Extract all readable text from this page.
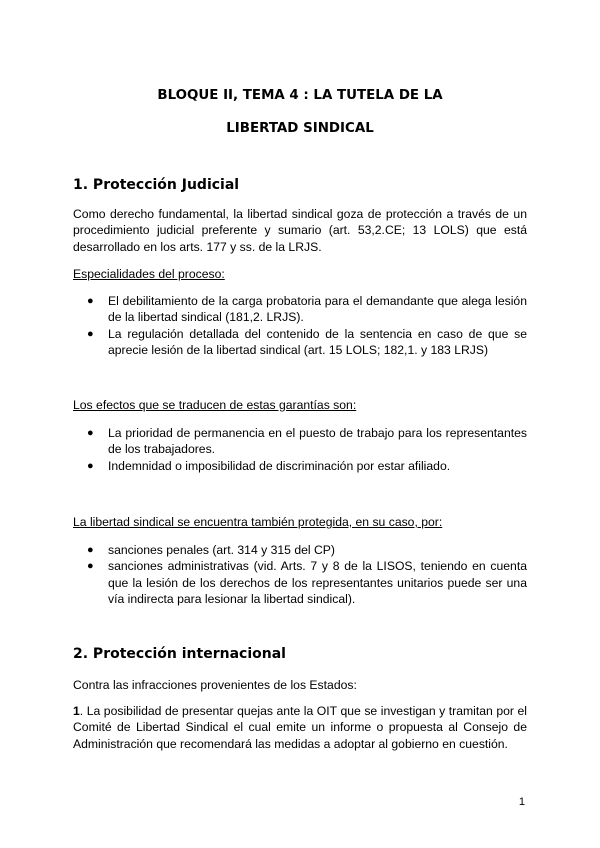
BLOQUE II, TEMA 4 : LA TUTELA DE LA
LIBERTAD SINDICAL
1. Protección Judicial
Como derecho fundamental, la libertad sindical goza de protección a través de un procedimiento judicial preferente y sumario (art. 53,2.CE; 13 LOLS) que está desarrollado en los arts. 177 y ss. de la LRJS.
Especialidades del proceso:
● El debilitamiento de la carga probatoria para el demandante que alega lesión de la libertad sindical (181,2. LRJS).
● La regulación detallada del contenido de la sentencia en caso de que se aprecie lesión de la libertad sindical (art. 15 LOLS; 182,1. y 183 LRJS)
Los efectos que se traducen de estas garantías son:
● La prioridad de permanencia en el puesto de trabajo para los representantes de los trabajadores.
● Indemnidad o imposibilidad de discriminación por estar afiliado.
La libertad sindical se encuentra también protegida, en su caso, por:
● sanciones penales (art. 314 y 315 del CP)
● sanciones administrativas (vid. Arts. 7 y 8 de la LISOS, teniendo en cuenta que la lesión de los derechos de los representantes unitarios puede ser una vía indirecta para lesionar la libertad sindical).
2. Protección internacional
Contra las infracciones provenientes de los Estados:
1. La posibilidad de presentar quejas ante la OIT que se investigan y tramitan por el Comité de Libertad Sindical el cual emite un informe o propuesta al Consejo de Administración que recomendará las medidas a adoptar al gobierno en cuestión.
1
